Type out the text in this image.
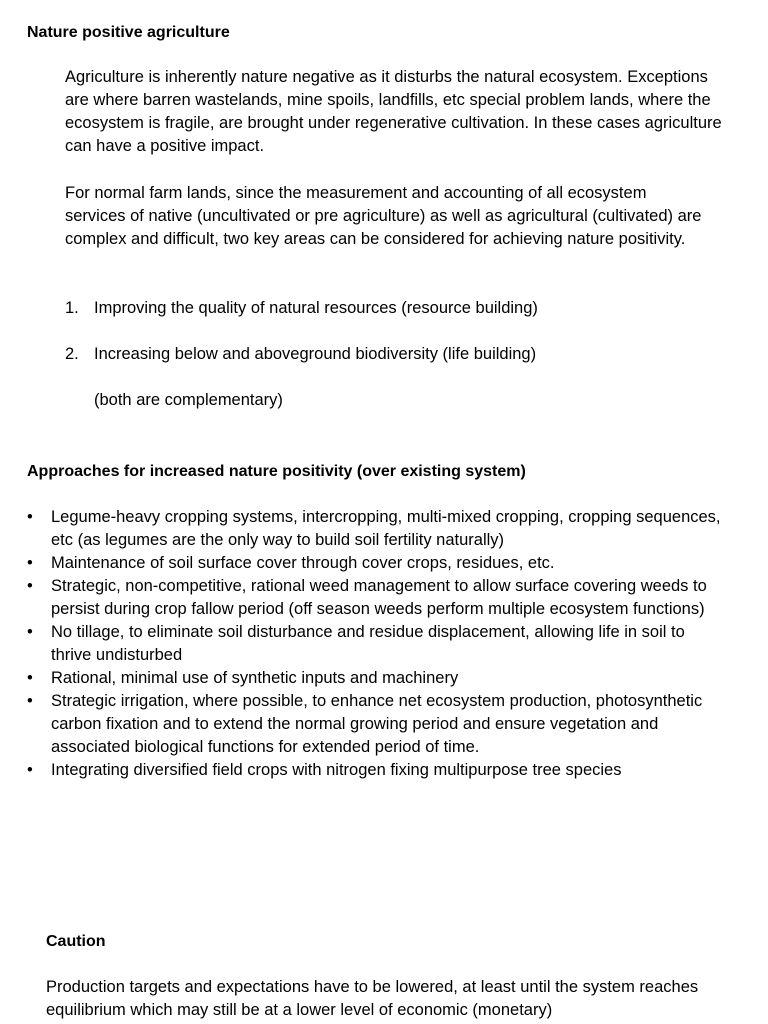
Nature positive agriculture

Agriculture is inherently nature negative as it disturbs the natural ecosystem. Exceptions are where barren wastelands, mine spoils, landfills, etc special problem lands, where the ecosystem is fragile, are brought under regenerative cultivation. In these cases agriculture can have a positive impact.

For normal farm lands, since the measurement and accounting of all ecosystem services of native (uncultivated or pre agriculture) as well as agricultural (cultivated) are complex and difficult, two key areas can be considered for achieving nature positivity.

1. Improving the quality of natural resources (resource building)
2. Increasing below and aboveground biodiversity (life building)
(both are complementary)
Approaches for increased nature positivity (over existing system)
• Legume-heavy cropping systems, intercropping, multi-mixed cropping, cropping sequences, etc (as legumes are the only way to build soil fertility naturally)
• Maintenance of soil surface cover through cover crops, residues, etc.
• Strategic, non-competitive, rational weed management to allow surface covering weeds to persist during crop fallow period (off season weeds perform multiple ecosystem functions)
• No tillage, to eliminate soil disturbance and residue displacement, allowing life in soil to thrive undisturbed
• Rational, minimal use of synthetic inputs and machinery
• Strategic irrigation, where possible, to enhance net ecosystem production, photosynthetic carbon fixation and to extend the normal growing period and ensure vegetation and associated biological functions for extended period of time.
• Integrating diversified field crops with nitrogen fixing multipurpose tree species
Caution

Production targets and expectations have to be lowered, at least until the system reaches equilibrium which may still be at a lower level of economic (monetary)
